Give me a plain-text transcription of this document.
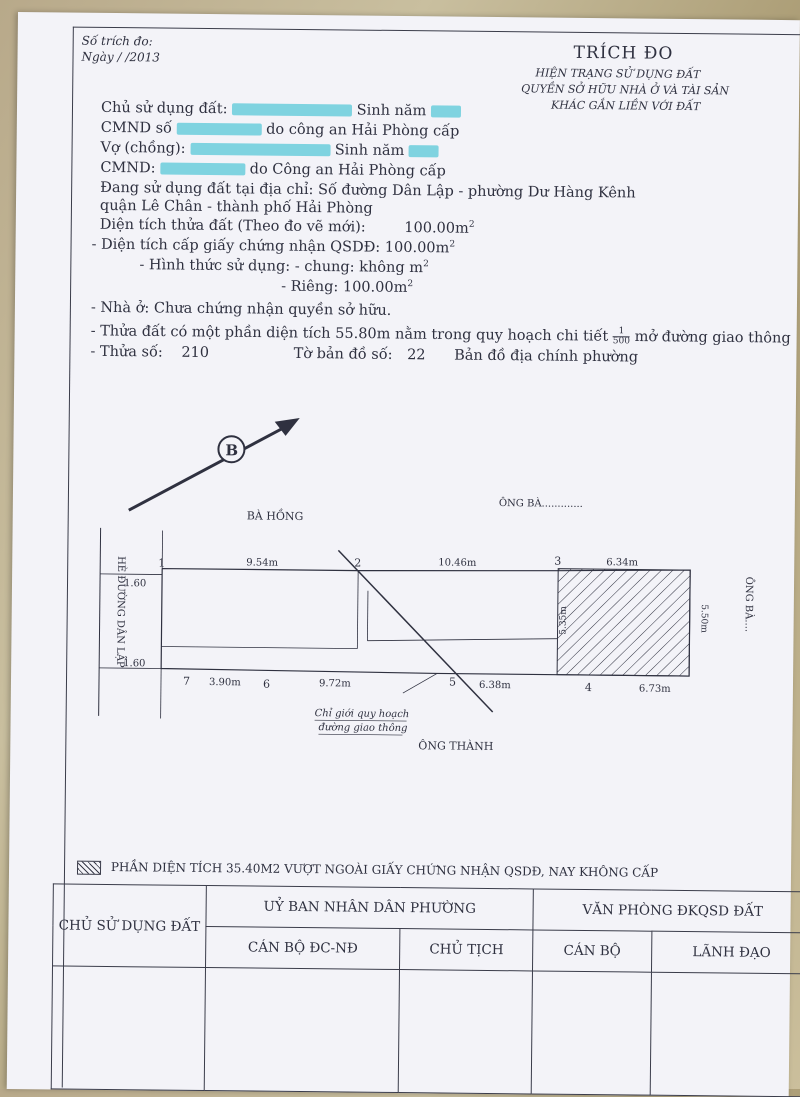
Số trích đo:
Ngày / /2013	TRÍCH ĐO
HIỆN TRẠNG SỬ DỤNG ĐẤT
QUYỀN SỞ HỮU NHÀ Ở VÀ TÀI SẢN
KHÁC GẮN LIỀN VỚI ĐẤT
Chủ sử dụng đất:	Sinh năm
CMND số	do công an Hải Phòng cấp
Vợ (chồng):	Sinh năm
CMND:	do Công an Hải Phòng cấp
Đang sử dụng đất tại địa chỉ: Số đường Dân Lập - phường Dư Hàng Kênh
quận Lê Chân - thành phố Hải Phòng
Diện tích thửa đất (Theo đo vẽ mới):	$100.00m^2$
- Diện tích cấp giấy chứng nhận QSDĐ: $100.00m^2$
- Hình thức sử dụng: - chung: không $m^2$
- Riêng: $100.00m^2$
- Nhà ở: Chưa chứng nhận quyền sở hữu.
- Thửa đất có một phần diện tích 55.80m nằm trong quy hoạch chi tiết $\frac{1}{500}$ mở đường giao thông
- Thửa số: 210	Tờ bản đồ số: 22 Bản đồ địa chính phường
B
BÀ HỒNG
ÔNG BÀ.............
ÔNG BÀ....
ÔNG THÀNH
HÈ ĐƯỜNG DÂN LẬP
1.60
1.60
Chỉ giới quy hoạch
đường giao thông
1	2	3
4
5
6
7
9.54m	10.46m	6.34m
3.90m	9.72m	6.38m	6.73m
5.35m	5.50m
PHẦN DIỆN TÍCH 35.40M2 VƯỢT NGOÀI GIẤY CHỨNG NHẬN QSDĐ, NAY KHÔNG CẤP
CHỦ SỬ DỤNG ĐẤT	UỶ BAN NHÂN DÂN PHƯỜNG		VĂN PHÒNG ĐKQSD ĐẤT	
	CÁN BỘ ĐC-NĐ	CHỦ TỊCH	CÁN BỘ	LÃNH ĐẠO
